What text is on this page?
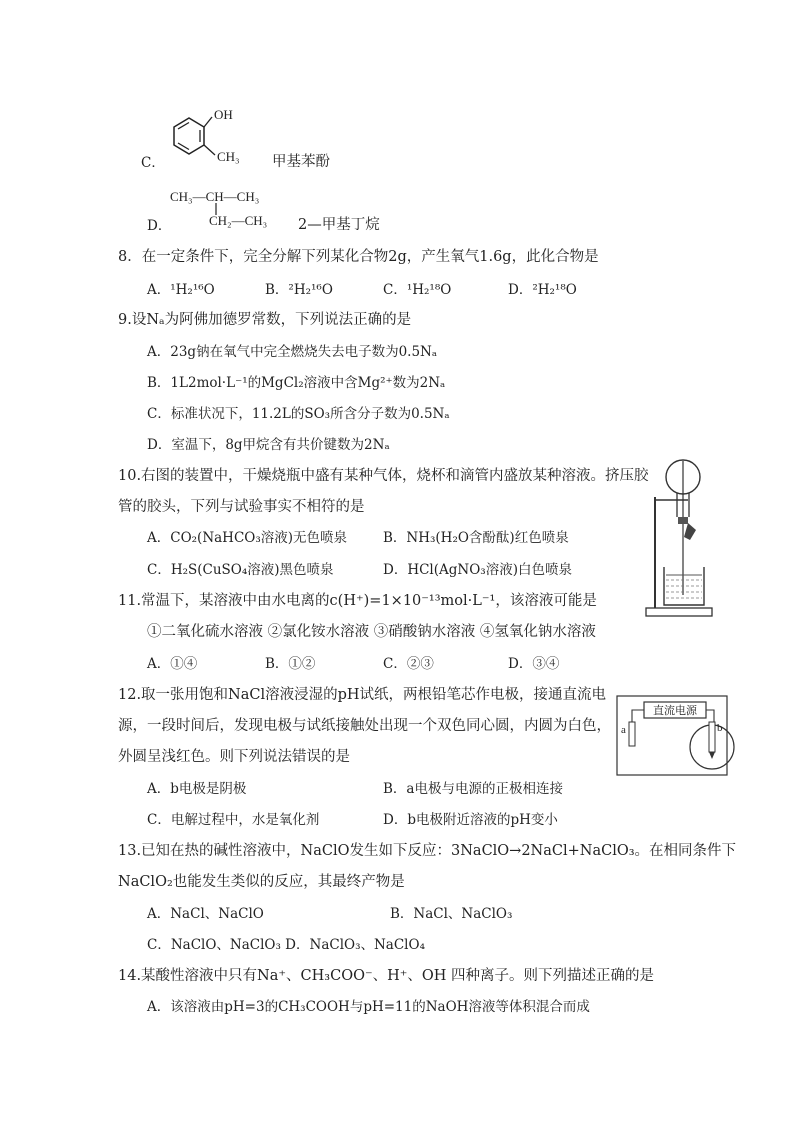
C．
OH
CH₃ 甲基苯酚
CH₃—CH—CH₃
CH₂—CH₃
D．	2—甲基丁烷
8．在一定条件下，完全分解下列某化合物2g，产生氧气1.6g，此化合物是
A．¹H₂¹⁶O	B．²H₂¹⁶O	C．¹H₂¹⁸O	D．²H₂¹⁸O
9.设Nₐ为阿佛加德罗常数，下列说法正确的是
A．23g钠在氧气中完全燃烧失去电子数为0.5Nₐ
B．1L2mol·L⁻¹的MgCl₂溶液中含Mg²⁺数为2Nₐ
C．标准状况下，11.2L的SO₃所含分子数为0.5Nₐ
D．室温下，8g甲烷含有共价键数为2Nₐ
10.右图的装置中，干燥烧瓶中盛有某种气体，烧杯和滴管内盛放某种溶液。挤压胶
管的胶头，下列与试验事实不相符的是
A．CO₂(NaHCO₃溶液)无色喷泉	B．NH₃(H₂O含酚酞)红色喷泉
C．H₂S(CuSO₄溶液)黑色喷泉	D．HCl(AgNO₃溶液)白色喷泉
11.常温下，某溶液中由水电离的c(H⁺)=1×10⁻¹³mol·L⁻¹，该溶液可能是
①二氧化硫水溶液 ②氯化铵水溶液 ③硝酸钠水溶液 ④氢氧化钠水溶液
A．①④	B．①②	C．②③	D．③④
12.取一张用饱和NaCl溶液浸湿的pH试纸，两根铅笔芯作电极，接通直流电
源，一段时间后，发现电极与试纸接触处出现一个双色同心圆，内圆为白色，
外圆呈浅红色。则下列说法错误的是
A．b电极是阴极	B．a电极与电源的正极相连接
C．电解过程中，水是氧化剂	D．b电极附近溶液的pH变小
直流电源
a	b
13.已知在热的碱性溶液中，NaClO发生如下反应：3NaClO→2NaCl+NaClO₃。在相同条件下
NaClO₂也能发生类似的反应，其最终产物是
A．NaCl、NaClO	B．NaCl、NaClO₃
C．NaClO、NaClO₃ D．NaClO₃、NaClO₄
14.某酸性溶液中只有Na⁺、CH₃COO⁻、H⁺、OH 四种离子。则下列描述正确的是
A．该溶液由pH=3的CH₃COOH与pH=11的NaOH溶液等体积混合而成
